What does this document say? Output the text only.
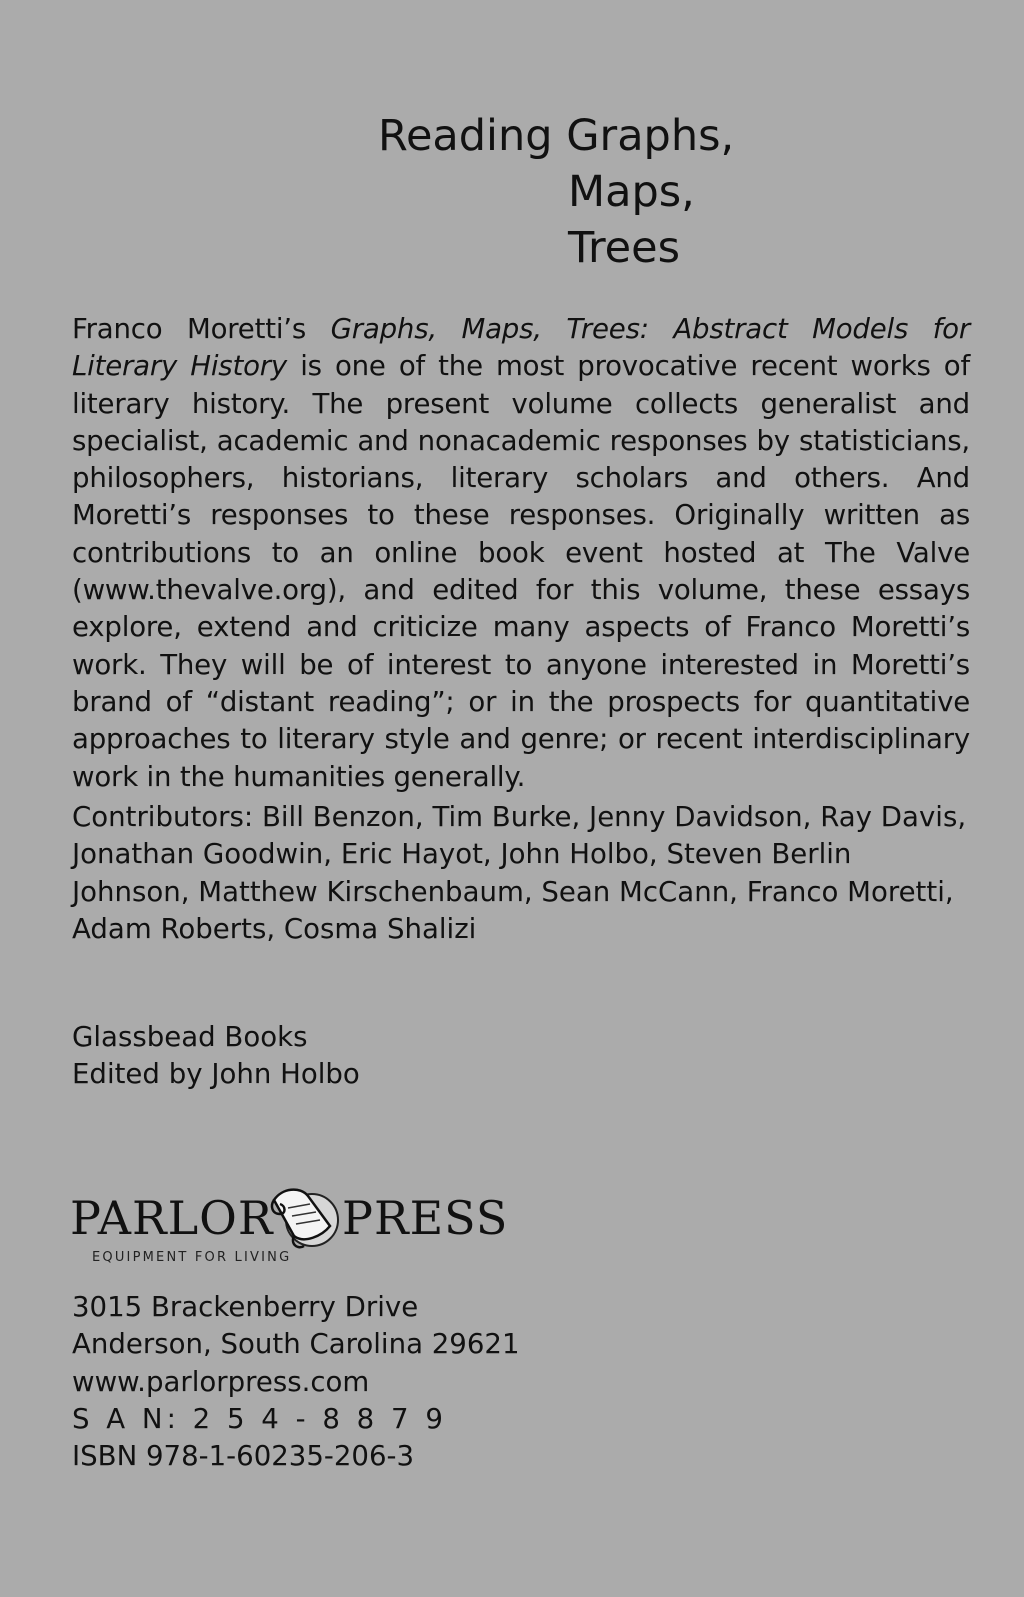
Reading Graphs,
Maps,
Trees

Franco Moretti’s Graphs, Maps, Trees: Abstract Models for Literary History is one of the most provocative recent works of literary history. The present volume collects generalist and specialist, academic and nonacademic responses by statisticians, philosophers, historians, literary scholars and others. And Moretti’s responses to these responses. Originally written as contributions to an online book event hosted at The Valve (www.thevalve.org), and edited for this volume, these essays explore, extend and criticize many aspects of Franco Moretti’s work. They will be of interest to anyone interested in Moretti’s brand of “distant reading”; or in the prospects for quantitative approaches to literary style and genre; or recent interdisciplinary work in the humanities generally.

Contributors: Bill Benzon, Tim Burke, Jenny Davidson, Ray Davis, Jonathan Goodwin, Eric Hayot, John Holbo, Steven Berlin Johnson, Matthew Kirschenbaum, Sean McCann, Franco Moretti, Adam Roberts, Cosma Shalizi

Glassbead Books
Edited by John Holbo
PARLOR PRESS
EQUIPMENT FOR LIVING
3015 Brackenberry Drive
Anderson, South Carolina 29621
www.parlorpress.com
S A N: 2 5 4 - 8 8 7 9
ISBN 978-1-60235-206-3
